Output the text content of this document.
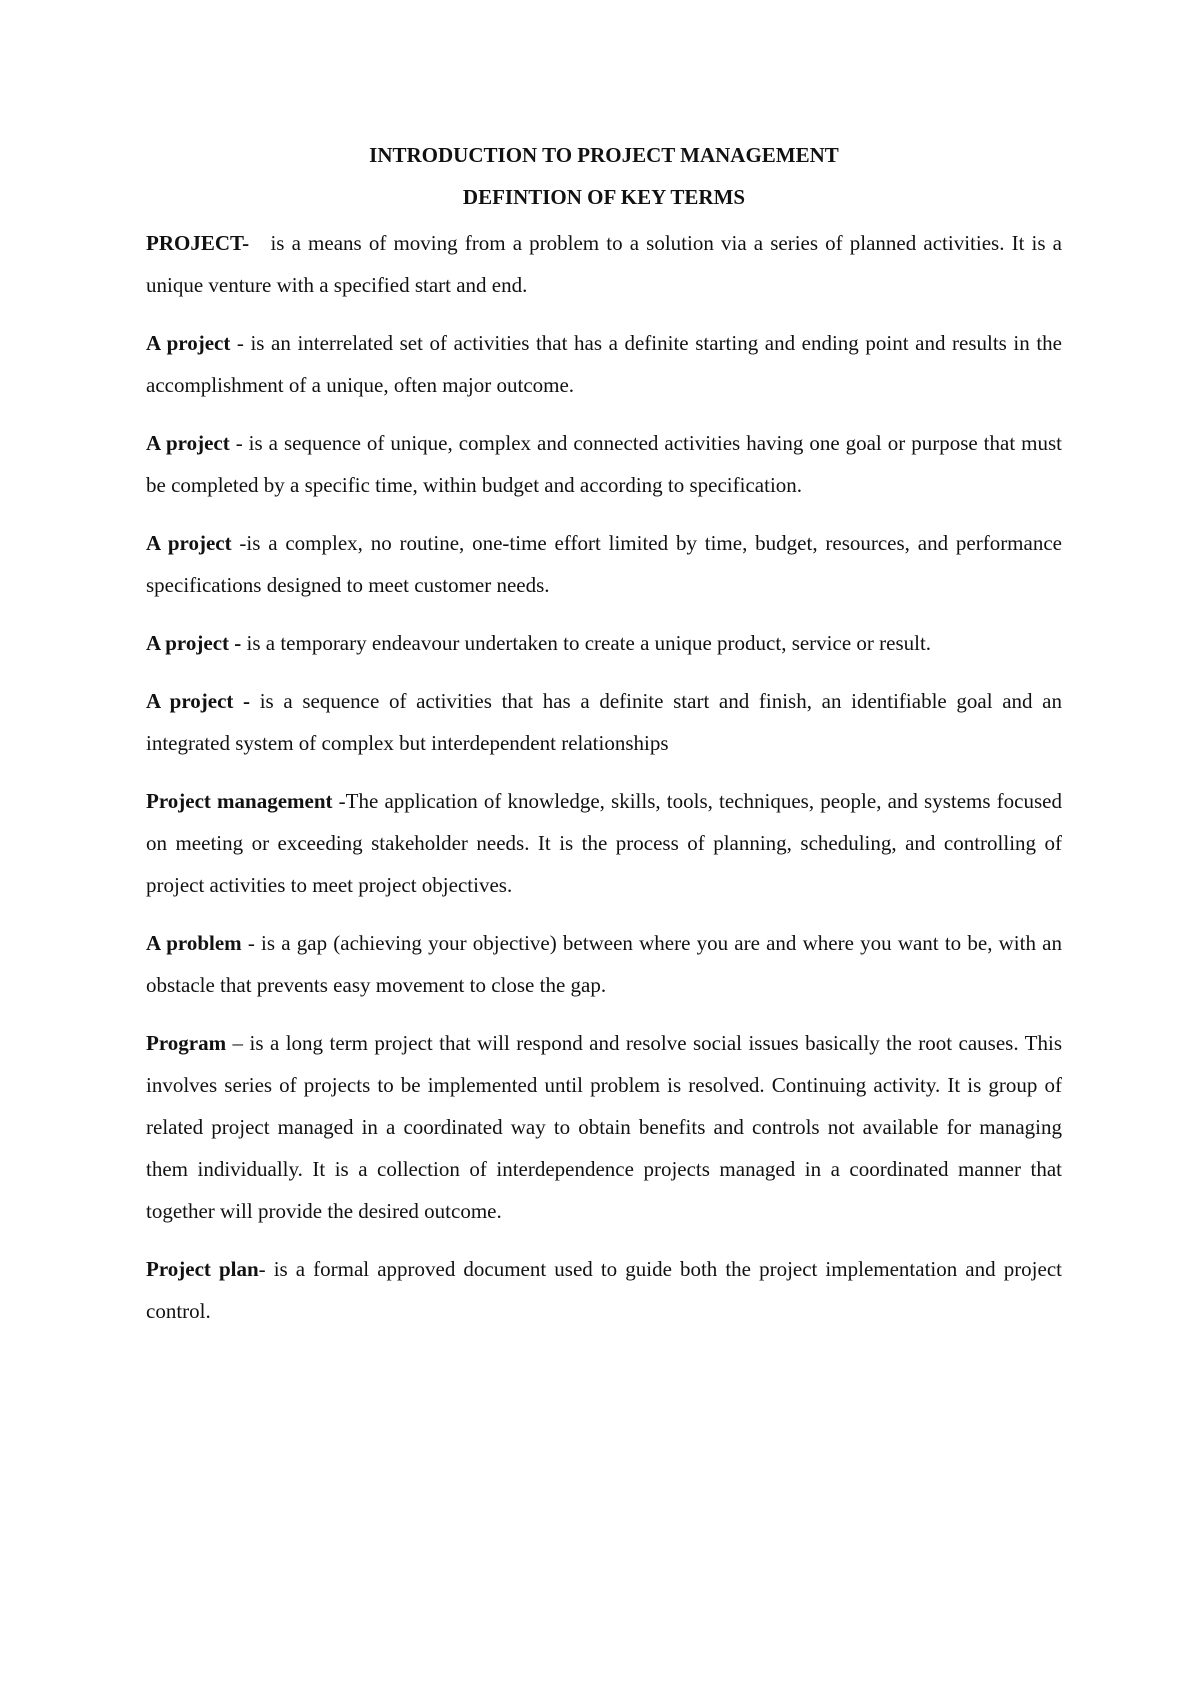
INTRODUCTION TO PROJECT MANAGEMENT

DEFINTION OF KEY TERMS

PROJECT-   is a means of moving from a problem to a solution via a series of planned activities. It is a unique venture with a specified start and end.

A project - is an interrelated set of activities that has a definite starting and ending point and results in the accomplishment of a unique, often major outcome.

A project - is a sequence of unique, complex and connected activities having one goal or purpose that must be completed by a specific time, within budget and according to specification.

A project -is a complex, no routine, one-time effort limited by time, budget, resources, and performance specifications designed to meet customer needs.

A project - is a temporary endeavour undertaken to create a unique product, service or result.

A project - is a sequence of activities that has a definite start and finish, an identifiable goal and an integrated system of complex but interdependent relationships

Project management -The application of knowledge, skills, tools, techniques, people, and systems focused on meeting or exceeding stakeholder needs. It is the process of planning, scheduling, and controlling of project activities to meet project objectives.

A problem - is a gap (achieving your objective) between where you are and where you want to be, with an obstacle that prevents easy movement to close the gap.

Program – is a long term project that will respond and resolve social issues basically the root causes. This involves series of projects to be implemented until problem is resolved. Continuing activity. It is group of related project managed in a coordinated way to obtain benefits and controls not available for managing them individually. It is a collection of interdependence projects managed in a coordinated manner that together will provide the desired outcome.

Project plan- is a formal approved document used to guide both the project implementation and project control.
